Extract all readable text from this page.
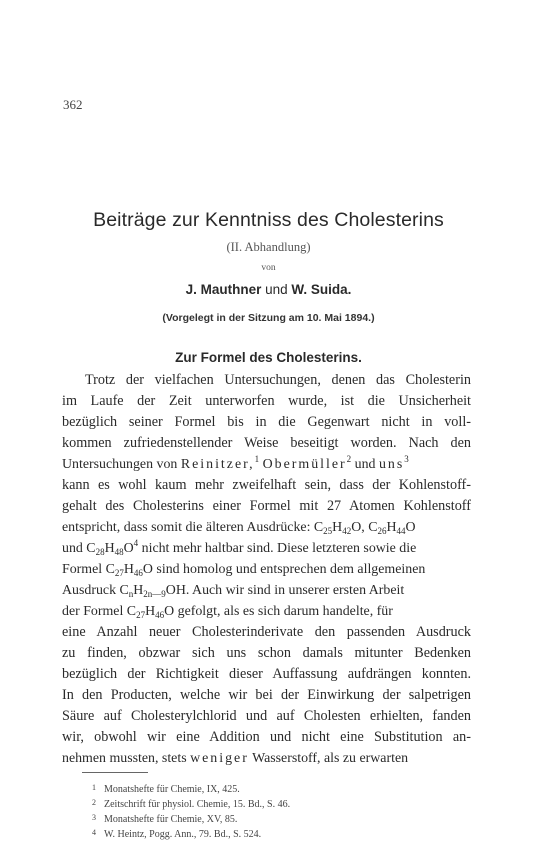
362
Beiträge zur Kenntniss des Cholesterins
(II. Abhandlung)
von
J. Mauthner und W. Suida.
(Vorgelegt in der Sitzung am 10. Mai 1894.)
Zur Formel des Cholesterins.
Trotz der vielfachen Untersuchungen, denen das Cholesterin
im Laufe der Zeit unterworfen wurde, ist die Unsicherheit
bezüglich seiner Formel bis in die Gegenwart nicht in voll-
kommen zufriedenstellender Weise beseitigt worden. Nach den
Untersuchungen von Reinitzer,$^1$ Obermüller$^2$ und uns$^3$
kann es wohl kaum mehr zweifelhaft sein, dass der Kohlenstoff-
gehalt des Cholesterins einer Formel mit 27 Atomen Kohlenstoff
entspricht, dass somit die älteren Ausdrücke: $C_{25}H_{42}O$, $C_{26}H_{44}O$
und $C_{28}H_{48}O^4$ nicht mehr haltbar sind. Diese letzteren sowie die
Formel $C_{27}H_{46}O$ sind homolog und entsprechen dem allgemeinen
Ausdruck $C_nH_{2n—9}OH$. Auch wir sind in unserer ersten Arbeit
der Formel $C_{27}H_{46}O$ gefolgt, als es sich darum handelte, für
eine Anzahl neuer Cholesterinderivate den passenden Ausdruck
zu finden, obzwar sich uns schon damals mitunter Bedenken
bezüglich der Richtigkeit dieser Auffassung aufdrängen konnten.
In den Producten, welche wir bei der Einwirkung der salpetrigen
Säure auf Cholesterylchlorid und auf Cholesten erhielten, fanden
wir, obwohl wir eine Addition und nicht eine Substitution an-
nehmen mussten, stets weniger Wasserstoff, als zu erwarten
1 Monatshefte für Chemie, IX, 425.
2 Zeitschrift für physiol. Chemie, 15. Bd., S. 46.
3 Monatshefte für Chemie, XV, 85.
4 W. Heintz, Pogg. Ann., 79. Bd., S. 524.
